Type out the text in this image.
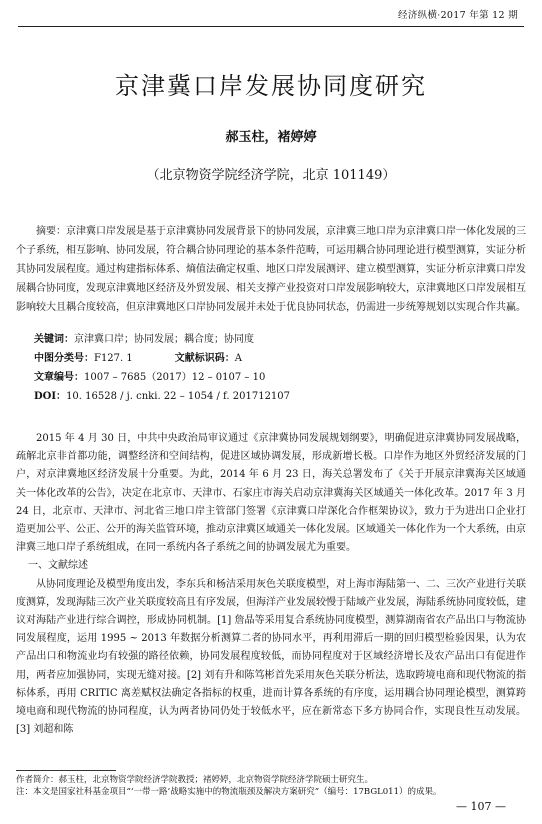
经济纵横·2017 年第 12 期
京津冀口岸发展协同度研究
郝玉柱，褚婷婷
（北京物资学院经济学院，北京 101149）

摘要：京津冀口岸发展是基于京津冀协同发展背景下的协同发展，京津冀三地口岸为京津冀口岸一体化发展的三个子系统，相互影响、协同发展，符合耦合协同理论的基本条件范畴，可运用耦合协同理论进行模型测算，实证分析其协同发展程度。通过构建指标体系、熵值法确定权重、地区口岸发展测评、建立模型测算，实证分析京津冀口岸发展耦合协同度，发现京津冀地区经济及外贸发展、相关支撑产业投资对口岸发展影响较大，京津冀地区口岸发展相互影响较大且耦合度较高，但京津冀地区口岸协同发展并未处于优良协同状态，仍需进一步统筹规划以实现合作共赢。

关键词：京津冀口岸；协同发展；耦合度；协同度
中图分类号：F127. 1	文献标识码：A
文章编号：1007 – 7685（2017）12 – 0107 – 10
DOI：10. 16528 / j. cnki. 22 – 1054 / f. 201712107

2015 年 4 月 30 日，中共中央政治局审议通过《京津冀协同发展规划纲要》，明确促进京津冀协同发展战略，疏解北京非首都功能，调整经济和空间结构，促进区域协调发展，形成新增长极。口岸作为地区外贸经济发展的门户，对京津冀地区经济发展十分重要。为此，2014 年 6 月 23 日，海关总署发布了《关于开展京津冀海关区域通关一体化改革的公告》，决定在北京市、天津市、石家庄市海关启动京津冀海关区域通关一体化改革。2017 年 3 月 24 日，北京市、天津市、河北省三地口岸主管部门签署《京津冀口岸深化合作框架协议》，致力于为进出口企业打造更加公平、公正、公开的海关监管环境，推动京津冀区域通关一体化发展。区域通关一体化作为一个大系统，由京津冀三地口岸子系统组成，在同一系统内各子系统之间的协调发展尤为重要。

一、文献综述

从协同度理论及模型角度出发，李东兵和杨洁采用灰色关联度模型，对上海市海陆第一、二、三次产业进行关联度测算，发现海陆三次产业关联度较高且有序发展，但海洋产业发展较慢于陆域产业发展，海陆系统协同度较低，建议对海陆产业进行综合调控，形成协同机制。[1] 詹晶等采用复合系统协同度模型，测算湖南省农产品出口与物流协同发展程度，运用 1995 ~ 2013 年数据分析测算二者的协同水平，再利用滞后一期的回归模型检验因果，认为农产品出口和物流业均有较强的路径依赖，协同发展程度较低，而协同程度对于区域经济增长及农产品出口有促进作用，两者应加强协同，实现无缝对接。[2] 刘有升和陈笃彬首先采用灰色关联分析法，选取跨境电商和现代物流的指标体系，再用 CRITIC 离差赋权法确定各指标的权重，进而计算各系统的有序度，运用耦合协同理论模型，测算跨境电商和现代物流的协同程度，认为两者协同仍处于较低水平，应在新常态下多方协同合作，实现良性互动发展。[3] 刘超和陈

作者简介：郝玉柱，北京物资学院经济学院教授；褚婷婷，北京物资学院经济学院硕士研究生。
注：本文是国家社科基金项目“‘一带一路’战略实施中的物流瓶颈及解决方案研究”（编号：17BGL011）的成果。
— 107 —
